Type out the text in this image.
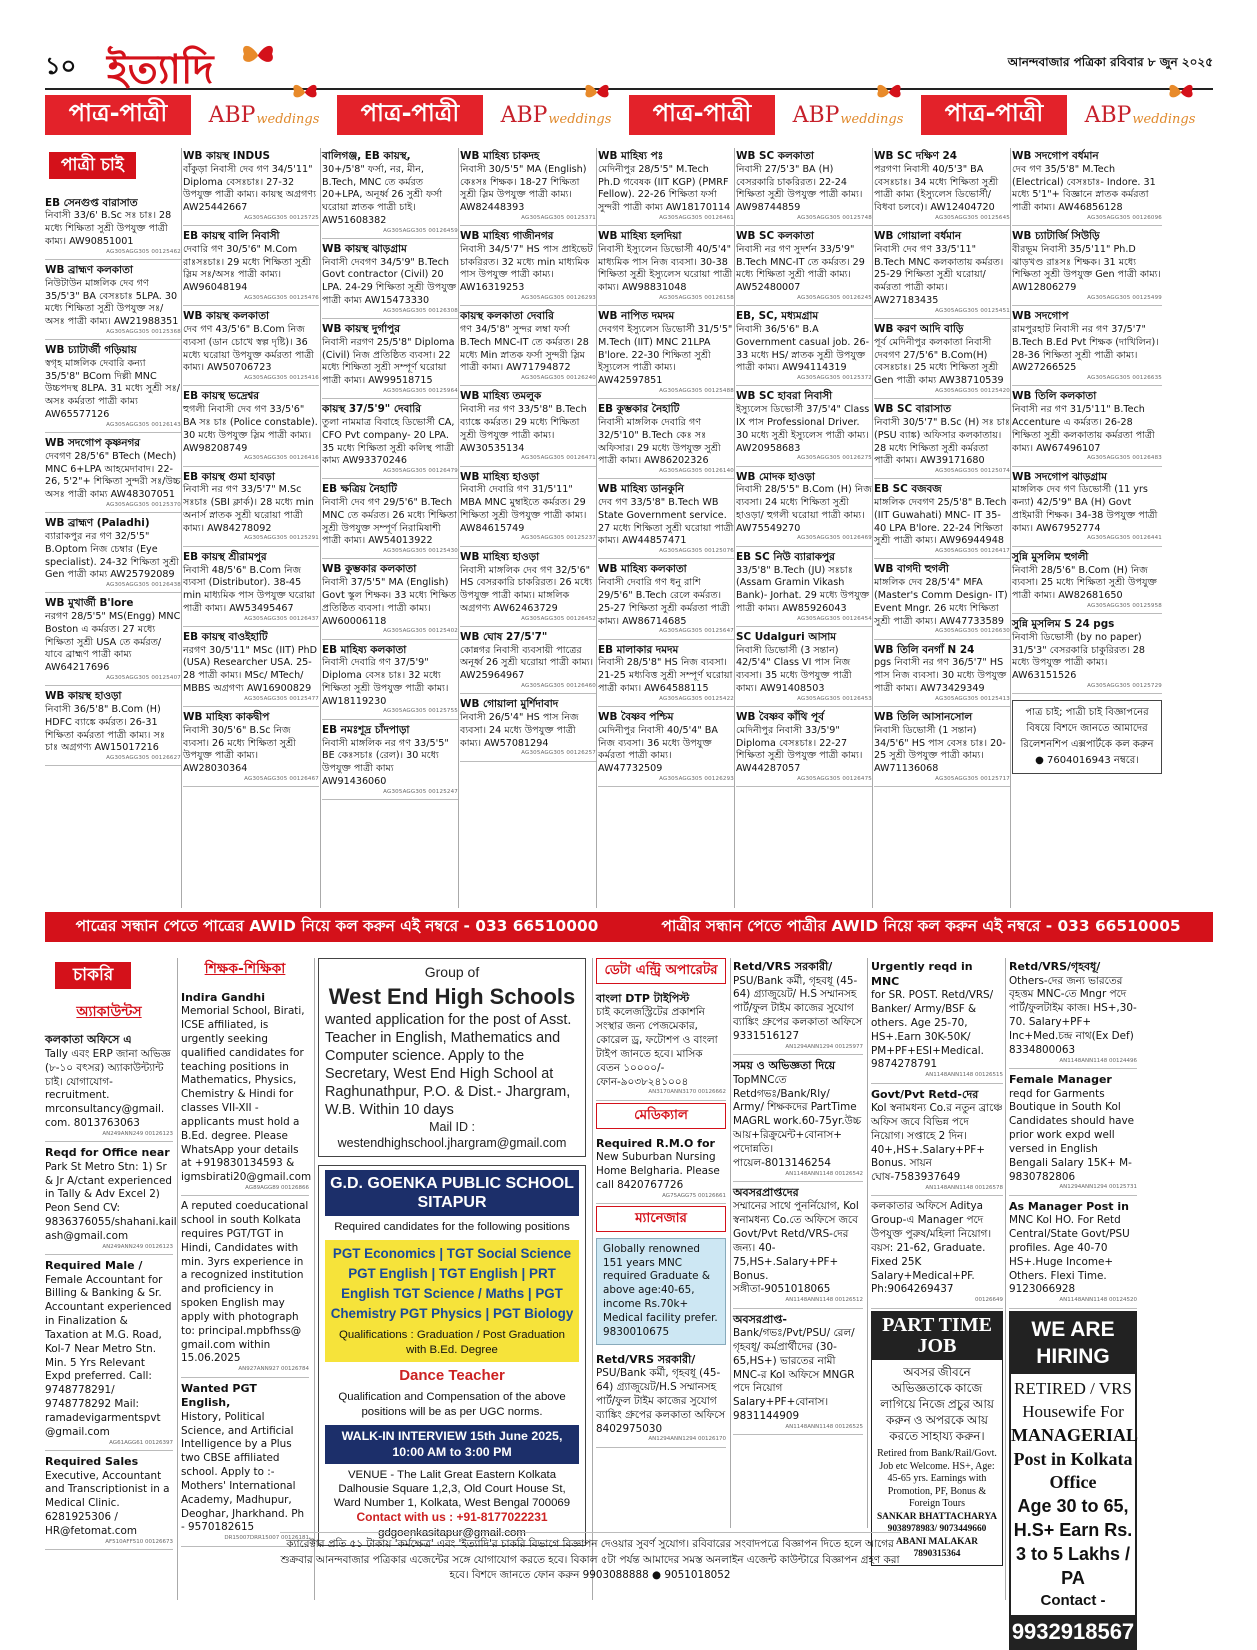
১০ ইত্যাদি	আনন্দবাজার পত্রিকা রবিবার ৮ জুন ২০২৫
পাত্র-পাত্রী	ABP weddings	পাত্র-পাত্রী	ABP weddings	পাত্র-পাত্রী	ABP weddings	পাত্র-পাত্রী	ABP weddings
পাত্রী চাই
EB সেনগুপ্ত বারাসাত
নিবাসী 33/6' B.Sc সঃ চাঃ। 28 মধ্যে শিক্ষিতা সুশ্রী উপযুক্ত পাত্রী কাম্য। AW90851001
AG305AGG305 00125462
WB ব্রাহ্মণ কলকাতা
নিউটাউন মাঙ্গলিক দেব গণ 35/5'3" BA বেসঃচাঃ 5LPA. 30 মধ্যে শিক্ষিতা সুশ্রী উপযুক্ত সঃ/অসঃ পাত্রী কাম্য। AW21988351
AG305AGG305 00125368
WB চ্যাটার্জী গড়িয়ায়
স্বগৃহ মাঙ্গলিক দেবারি কন্যা 35/5'8" BCom দিল্লী MNC উচ্চপদস্থ 8LPA. 31 মধ্যে সুশ্রী সঃ/অসঃ কর্মরতা পাত্রী কাম্য AW65577126
AG305AGG305 00126143
WB সদগোপ কৃষ্ণনগর
দেবগণ 28/5'6" BTech (Mech) MNC 6+LPA আহমেদাবাদ। 22-26, 5'2"+ শিক্ষিতা সুন্দরী সঃ/উচ্চ অসঃ পাত্রী কাম্য AW48307051
AG305AGG305 00125370
WB ব্রাহ্মণ (Paladhi)
ব্যারাকপুর নর গণ 32/5'5" B.Optom নিজ চেম্বার (Eye specialist). 24-32 শিক্ষিতা সুশ্রী Gen পাত্রী কাম্য AW25792089
AG305AGG305 00126438
WB মুখার্জী B'lore
নরগণ 28/5'5" MS(Engg) MNC Boston এ কর্মরত। 27 মধ্যে শিক্ষিতা সুশ্রী USA তে কর্মরত/ যাবে ব্রাহ্মণ পাত্রী কাম্য AW64217696
AG305AGG305 00125407
WB কায়স্থ হাওড়া
নিবাসী 36/5'8" B.Com (H) HDFC ব্যাঙ্কে কর্মরত। 26-31 শিক্ষিতা কর্মরতা পাত্রী কাম্য। সঃ চাঃ অগ্রগণ্য AW15017216
AG305AGG305 00126627
WB কায়স্থ INDUS
বাঁকুড়া নিবাসী দেব গণ 34/5'11" Diploma বেসঃচাঃ। 27-32 উপযুক্ত পাত্রী কাম্য। কায়স্থ অগ্রগণ্য AW25442667
AG305AGG305 00125725
EB কায়স্থ বালি নিবাসী
দেবারি গণ 30/5'6" M.Com রাঃসঃচাঃ। 29 মধ্যে শিক্ষিতা সুশ্রী স্লিম সঃ/অসঃ পাত্রী কাম্য। AW96048194
AG305AGG305 00125476
WB কায়স্থ কলকাতা
দেব গণ 43/5'6" B.Com নিজ ব্যবসা (ডান চোখে স্বল্প দৃষ্টি)। 36 মধ্যে ঘরোয়া উপযুক্ত কর্মরতা পাত্রী কাম্য। AW50706723
AG305AGG305 00125416
EB কায়স্থ ভদ্রেশ্বর
হুগলী নিবাসী দেব গণ 33/5'6" BA সঃ চাঃ (Police constable). 30 মধ্যে উপযুক্ত স্লিম পাত্রী কাম্য। AW98208749
AG305AGG305 00126416
EB কায়স্থ গুমা হাবড়া
নিবাসী নর গণ 33/5'7" M.Sc সঃচাঃ (SBI ক্লার্ক)। 28 মধ্যে min অনার্স স্নাতক সুশ্রী ঘরোয়া পাত্রী কাম্য। AW84278092
AG305AGG305 00125291
EB কায়স্থ শ্রীরামপুর
নিবাসী 48/5'6" B.Com নিজ ব্যবসা (Distributor). 38-45 min মাধ্যমিক পাস উপযুক্ত ঘরোয়া পাত্রী কাম্য। AW53495467
AG305AGG305 00126437
EB কায়স্থ বাওইহাটি
নরগণ 30/5'11" MSc (IIT) PhD (USA) Researcher USA. 25-28 পাত্রী কাম্য। MSc/ MTech/ MBBS অগ্রগণ্য AW16900829
AG305AGG305 00125477
WB মাহিষ্য কাকদ্বীপ
নিবাসী 30/5'6" B.Sc নিজ ব্যবসা। 26 মধ্যে শিক্ষিতা সুশ্রী উপযুক্ত পাত্রী কাম্য। AW28030364
AG305AGG305 00126467
বালিগঞ্জ, EB কায়স্থ,
30+/5'8" ফর্সা, নর, মীন, B.Tech, MNC তে কর্মরত 20+LPA, অনূর্ধ্ব 26 সুশ্রী ফর্সা ঘরোয়া স্নাতক পাত্রী চাই। AW51608382
AG305AGG305 00126459
WB কায়স্থ ঝাড়গ্রাম
নিবাসী দেবগণ 34/5'9" B.Tech Govt contractor (Civil) 20 LPA. 24-29 শিক্ষিতা সুশ্রী উপযুক্ত পাত্রী কাম্য AW15473330
AG305AGG305 00126308
WB কায়স্থ দুর্গাপুর
নিবাসী নরগণ 25/5'8" Diploma (Civil) নিজ প্রতিষ্ঠিত ব্যবসা। 22 মধ্যে শিক্ষিতা সুশ্রী সম্পূর্ণ ঘরোয়া পাত্রী কাম্য। AW99518715
AG305AGG305 00125964
কায়স্থ 37/5'9" দেবারি
তুলা নামমাত্র বিবাহে ডিভোর্সী CA, CFO Pvt company- 20 LPA. 35 মধ্যে শিক্ষিতা সুশ্রী কলিস্থ পাত্রী কাম্য AW93370246
AG305AGG305 00126479
EB ক্ষত্রিয় নৈহাটি
নিবাসী দেব গণ 29/5'6" B.Tech MNC তে কর্মরত। 26 মধ্যে শিক্ষিতা সুশ্রী উপযুক্ত সম্পূর্ণ নিরামিষাশী পাত্রী কাম্য। AW54013922
AG305AGG305 00125430
WB কুম্ভকার কলকাতা
নিবাসী 37/5'5" MA (English) Govt স্কুল শিক্ষক। 33 মধ্যে শিক্ষিত প্রতিষ্ঠিত ব্যবসা। পাত্রী কাম্য। AW60006118
AG305AGG305 00125402
EB মাহিষ্য কলকাতা
নিবাসী দেবারি গণ 37/5'9" Diploma বেসঃ চাঃ। 32 মধ্যে শিক্ষিতা সুশ্রী উপযুক্ত পাত্রী কাম্য। AW18119230
AG305AGG305 00125755
EB নমঃশূদ্র চাঁদপাড়া
নিবাসী মাঙ্গলিক নর গণ 33/5'5" BE কেঃসচাঃ (রেল)। 30 মধ্যে উপযুক্ত পাত্রী কাম্য AW91436060
AG305AGG305 00125247
WB মাহিষ্য চাকদহ
নিবাসী 30/5'5" MA (English) কেঃসঃ শিক্ষক। 18-27 শিক্ষিতা সুশ্রী স্লিম উপযুক্ত পাত্রী কাম্য। AW82448393
AG305AGG305 00125371
WB মাহিষ্য গাজীনগর
নিবাসী 34/5'7" HS পাস প্রাইভেট চাকরিরত। 32 মধ্যে min মাধ্যমিক পাস উপযুক্ত পাত্রী কাম্য। AW16319253
AG305AGG305 00126293
কায়স্থ কলকাতা দেবারি
গণ 34/5'8" সুন্দর লম্বা ফর্সা B.Tech MNC-IT তে কর্মরত। 28 মধ্যে Min স্নাতক ফর্সা সুন্দরী স্লিম পাত্রী কাম্য। AW71794872
AG305AGG305 00126240
WB মাহিষ্য তমলুক
নিবাসী নর গণ 33/5'8" B.Tech ব্যাঙ্কে কর্মরত। 29 মধ্যে শিক্ষিতা সুশ্রী উপযুক্ত পাত্রী কাম্য। AW30535134
AG305AGG305 00126471
WB মাহিষ্য হাওড়া
নিবাসী দেবারি গণ 31/5'11" MBA MNC মুম্বাইতে কর্মরত। 29 শিক্ষিতা সুশ্রী উপযুক্ত পাত্রী কাম্য। AW84615749
AG305AGG305 00125237
WB মাহিষ্য হাওড়া
নিবাসী মাঙ্গলিক দেব গণ 32/5'6" HS বেসরকারি চাকরিরত। 26 মধ্যে উপযুক্ত পাত্রী কাম্য। মাঙ্গলিক অগ্রগণ্য AW62463729
AG305AGG305 00126452
WB ঘোষ 27/5'7"
কোন্নগর নিবাসী ব্যবসায়ী পাত্রের অনূর্ধ্ব 26 সুশ্রী ঘরোয়া পাত্রী কাম্য। AW25964967
AG305AGG305 00126460
WB গোয়ালা মুর্শিদাবাদ
নিবাসী 26/5'4" HS পাস নিজ ব্যবসা। 24 মধ্যে উপযুক্ত পাত্রী কাম্য। AW57081294
AG305AGG305 00126257
WB মাহিষ্য পঃ
মেদিনীপুর 28/5'5" M.Tech Ph.D গবেষক (IIT KGP) (PMRF Fellow). 22-26 শিক্ষিতা ফর্সা সুন্দরী পাত্রী কাম্য AW18170114
AG305AGG305 00126461
WB মাহিষ্য হলদিয়া
নিবাসী ইস্যুলেন ডিভোর্সী 40/5'4" মাধ্যমিক পাস নিজ ব্যবসা। 30-38 শিক্ষিতা সুশ্রী ইস্যুলেস ঘরোয়া পাত্রী কাম্য। AW98831048
AG305AGG305 00126158
WB নাপিত দমদম
দেবগণ ইস্যুলেস ডিভোর্সী 31/5'5" M.Tech (IIT) MNC 21LPA B'lore. 22-30 শিক্ষিতা সুশ্রী ইস্যুলেস পাত্রী কাম্য। AW42597851
AG305AGG305 00125488
EB কুম্ভকার নৈহাটি
নিবাসী মাঙ্গলিক দেবারি গণ 32/5'10" B.Tech কেঃ সঃ অফিসার। 29 মধ্যে উপযুক্ত সুশ্রী পাত্রী কাম্য। AW86202326
AG305AGG305 00126140
WB মাহিষ্য ডানকুনি
দেব গণ 33/5'8" B.Tech WB State Government service. 27 মধ্যে শিক্ষিতা সুশ্রী ঘরোয়া পাত্রী কাম্য। AW44857471
AG305AGG305 00125076
WB মাহিষ্য কলকাতা
নিবাসী দেবারি গণ ধনু রাশি 29/5'6" B.Tech রেলে কর্মরত। 25-27 শিক্ষিতা সুশ্রী কর্মরতা পাত্রী কাম্য। AW86714685
AG305AGG305 00125647
EB মালাকার দমদম
নিবাসী 28/5'8" HS নিজ ব্যবসা। 21-25 মধ্যবিত্ত সুশ্রী সম্পূর্ণ ঘরোয়া পাত্রী কাম্য। AW64588115
AG305AGG305 00125422
WB বৈষ্ণব পশ্চিম
মেদিনীপুর নিবাসী 40/5'4" BA নিজ ব্যবসা। 36 মধ্যে উপযুক্ত কর্মরতা পাত্রী কাম্য। AW47732509
AG305AGG305 00126293
WB SC কলকাতা
নিবাসী 27/5'3" BA (H) বেসরকারি চাকরিরত। 22-24 শিক্ষিতা সুশ্রী উপযুক্ত পাত্রী কাম্য। AW98744859
AG305AGG305 00125748
WB SC কলকাতা
নিবাসী নর গণ সুদর্শন 33/5'9" B.Tech MNC-IT তে কর্মরত। 29 মধ্যে শিক্ষিতা সুশ্রী পাত্রী কাম্য। AW52480007
AG305AGG305 00126245
EB, SC, মধ্যমগ্রাম
নিবাসী 36/5'6" B.A Government casual job. 26-33 মধ্যে HS/ স্নাতক সুশ্রী উপযুক্ত পাত্রী কাম্য। AW94114319
AG305AGG305 00125372
WB SC হাবরা নিবাসী
ইস্যুলেস ডিভোর্সী 37/5'4" Class IX পাস Professional Driver. 30 মধ্যে সুশ্রী ইস্যুলেস পাত্রী কাম্য। AW20958683
AG305AGG305 00126275
WB মোদক হাওড়া
নিবাসী 28/5'5" B.Com (H) নিজ ব্যবসা। 24 মধ্যে শিক্ষিতা সুশ্রী হাওড়া/ হুগলী ঘরোয়া পাত্রী কাম্য। AW75549270
AG305AGG305 00126469
EB SC নিউ ব্যারাকপুর
33/5'8" B.Tech (JU) সঃচাঃ (Assam Gramin Vikash Bank)- Jorhat. 29 মধ্যে উপযুক্ত পাত্রী কাম্য। AW85926043
AG305AGG305 00126454
SC Udalguri আসাম
নিবাসী ডিভোর্সী (3 সন্তান) 42/5'4" Class VI পাস নিজ ব্যবসা। 35 মধ্যে উপযুক্ত পাত্রী কাম্য। AW91408503
AG305AGG305 00126453
WB বৈষ্ণব কাঁথি পূর্ব
মেদিনীপুর নিবাসী 33/5'9" Diploma বেসঃচাঃ। 22-27 শিক্ষিতা সুশ্রী উপযুক্ত পাত্রী কাম্য। AW44287057
AG305AGG305 00126475
WB SC দক্ষিণ 24
পরগণা নিবাসী 40/5'3" BA বেসঃচাঃ। 34 মধ্যে শিক্ষিতা সুশ্রী পাত্রী কাম্য (ইস্যুলেস ডিভোর্সী/ বিধবা চলবে)। AW12404720
AG305AGG305 00125645
WB গোয়ালা বর্ধমান
নিবাসী দেব গণ 33/5'11" B.Tech MNC কলকাতায় কর্মরত। 25-29 শিক্ষিতা সুশ্রী ঘরোয়া/ কর্মরতা পাত্রী কাম্য। AW27183435
AG305AGG305 00125451
WB করণ আদি বাড়ি
পূর্ব মেদিনীপুর কলকাতা নিবাসী দেবগণ 27/5'6" B.Com(H) বেসঃচাঃ। 25 মধ্যে শিক্ষিতা সুশ্রী Gen পাত্রী কাম্য AW38710539
AG305AGG305 00125420
WB SC বারাসাত
নিবাসী 30/5'7" B.Sc (H) সঃ চাঃ (PSU ব্যাঙ্ক) অফিসার কলকাতায়। 28 মধ্যে শিক্ষিতা সুশ্রী কর্মরতা পাত্রী কাম্য। AW39171680
AG305AGG305 00125074
EB SC বজবজ
মাঙ্গলিক দেবগণ 25/5'8" B.Tech (IIT Guwahati) MNC- IT 35-40 LPA B'lore. 22-24 শিক্ষিতা সুশ্রী পাত্রী কাম্য। AW96944948
AG305AGG305 00126417
WB বাগদী হুগলী
মাঙ্গলিক দেব 28/5'4" MFA (Master's Comm Design- IT) Event Mngr. 26 মধ্যে শিক্ষিতা সুশ্রী পাত্রী কাম্য। AW47733589
AG305AGG305 00126630
WB তিলি বনগাঁ N 24
pgs নিবাসী নর গণ 36/5'7" HS পাস নিজ ব্যবসা। 30 মধ্যে উপযুক্ত পাত্রী কাম্য। AW73429349
AG305AGG305 00125413
WB তিলি আসানসোল
নিবাসী ডিভোর্সী (1 সন্তান) 34/5'6" HS পাস বেসঃ চাঃ। 20-25 সুশ্রী উপযুক্ত পাত্রী কাম্য। AW71136068
AG305AGG305 00125717
WB সদগোপ বর্ধমান
দেব গণ 35/5'8" M.Tech (Electrical) বেসঃচাঃ- Indore. 31 মধ্যে 5'1"+ বিজ্ঞানে স্নাতক কর্মরতা পাত্রী কাম্য। AW46856128
AG305AGG305 00126096
WB চ্যাটার্জি সিউড়ি
বীরভূম নিবাসী 35/5'11" Ph.D ঝাড়খণ্ড রাঃসঃ শিক্ষক। 31 মধ্যে শিক্ষিতা সুশ্রী উপযুক্ত Gen পাত্রী কাম্য। AW12806279
AG305AGG305 00125499
WB সদগোপ
রামপুরহাট নিবাসী নর গণ 37/5'7" B.Tech B.Ed Pvt শিক্ষক (দাখিলিন)। 28-36 শিক্ষিতা সুশ্রী পাত্রী কাম্য। AW27266525
AG305AGG305 00126635
WB তিলি কলকাতা
নিবাসী নর গণ 31/5'11" B.Tech Accenture এ কর্মরত। 26-28 শিক্ষিতা সুশ্রী কলকাতায় কর্মরতা পাত্রী কাম্য। AW67496107
AG305AGG305 00126483
WB সদগোপ ঝাড়গ্রাম
মাঙ্গলিক দেব গণ ডিভোর্সী (11 yrs কন্যা) 42/5'9" BA (H) Govt প্রাইমারী শিক্ষক। 34-38 উপযুক্ত পাত্রী কাম্য। AW67952774
AG305AGG305 00126441
সুন্নি মুসলিম হুগলী
নিবাসী 28/5'6" B.Com (H) নিজ ব্যবসা। 25 মধ্যে শিক্ষিতা সুশ্রী উপযুক্ত পাত্রী কাম্য। AW82681650
AG305AGG305 00125958
সুন্নি মুসলিম S 24 pgs
নিবাসী ডিভোর্সী (by no paper) 31/5'3" বেসরকারি চাকুরিরত। 28 মধ্যে উপযুক্ত পাত্রী কাম্য। AW63151526
AG305AGG305 00125729
পাত্র চাই; পাত্রী চাই বিজ্ঞাপনের বিষয়ে বিশদে জানতে আমাদের রিলেশনশিপ এক্সপার্টকে কল করুন ● 7604016943 নম্বরে।
পাত্রের সন্ধান পেতে পাত্রের AWID নিয়ে কল করুন এই নম্বরে - 033 66510000	পাত্রীর সন্ধান পেতে পাত্রীর AWID নিয়ে কল করুন এই নম্বরে - 033 66510005
চাকরি
অ্যাকাউন্টস
কলকাতা অফিসে এ
Tally এবং ERP জানা অভিজ্ঞ (৮-১০ বৎসর) অ্যাকাউন্ট্যান্ট চাই। যোগাযোগ-recruitment. mrconsultancy@gmail. com. 8013763063
AN249ANN249 00126123
Reqd for Office near
Park St Metro Stn: 1) Sr & Jr A/ctant experienced in Tally & Adv Excel 2) Peon Send CV: 9836376055/shahani.kail ash@gmail.com
AN249ANN249 00126123
Required Male /
Female Accountant for Billing & Banking & Sr. Accountant experienced in Finalization & Taxation at M.G. Road, Kol-7 Near Metro Stn. Min. 5 Yrs Relevant Expd preferred. Call: 9748778291/ 9748778292 Mail: ramadevigarmentspvt @gmail.com
AG61AGG61 00126397
Required Sales
Executive, Accountant and Transcriptionist in a Medical Clinic. 6281925306 / HR@fetomat.com
AF510AFF510 00126673
শিক্ষক-শিক্ষিকা
Indira Gandhi
Memorial School, Birati, ICSE affiliated, is urgently seeking qualified candidates for teaching positions in Mathematics, Physics, Chemistry & Hindi for classes VII-XII - applicants must hold a B.Ed. degree. Please WhatsApp your details at +919830134593 & igmsbirati20@gmail.com
AG89AGG89 00126866
A reputed coeducational school in south Kolkata requires PGT/TGT in Hindi, Candidates with min. 3yrs experience in a recognized institution and proficiency in spoken English may apply with photograph to: principal.mpbfhss@ gmail.com within 15.06.2025
AN927ANN927 00126784
Wanted PGT English,
History, Political Science, and Artificial Intelligence by a Plus two CBSE affiliated school. Apply to :- Mothers' International Academy, Madhupur, Deoghar, Jharkhand. Ph - 9570182615
DR15007DRR15007 00126181
Group of
West End High Schools
wanted application for the post of Asst. Teacher in English, Mathematics and Computer science. Apply to the Secretary, West End High School at Raghunathpur, P.O. & Dist.- Jhargram, W.B. Within 10 days
Mail ID : westendhighschool.jhargram@gmail.com
G.D. GOENKA PUBLIC SCHOOL SITAPUR
Required candidates for the following positions
PGT Economics | TGT Social Science PGT English | TGT English | PRT English TGT Science / Maths | PGT Chemistry PGT Physics | PGT Biology
Qualifications : Graduation / Post Graduation with B.Ed. Degree
Dance Teacher
Qualification and Compensation of the above positions will be as per UGC norms.
WALK-IN INTERVIEW 15th June 2025, 10:00 AM to 3:00 PM
VENUE - The Lalit Great Eastern Kolkata Dalhousie Square 1,2,3, Old Court House St, Ward Number 1, Kolkata, West Bengal 700069
Contact with us : +91-8177022231
gdgoenkasitapur@gmail.com
ডেটা এন্ট্রি অপারেটর
বাংলা DTP টাইপিস্ট
চাই কলেজস্ট্রিটের প্রকাশনি সংস্থার জন্য পেজমেকার, কোরেল ড্র, ফটোশপ ও বাংলা টাইপ জানতে হবে। মাসিক বেতন ১০০০০/- ফোন-৯০৩৮২৪১০০৪
AN3170ANN3170 00126662
মেডিক্যাল
Required R.M.O for
New Suburban Nursing Home Belgharia. Please call 8420767726
AG75AGG75 00126661
ম্যানেজার
Globally renowned 151 years MNC required Graduate & above age:40-65, income Rs.70k+ Medical facility prefer. 9830010675
Retd/VRS সরকারী/
PSU/Bank কর্মী, গৃহবধূ (45-64) গ্র্যাজুয়েট/H.S সম্মানসহ পার্ট/ফুল টাইম কাজের সুযোগ ব্যাঙ্কিং গ্রুপের কলকাতা অফিসে 8402975030
AN1294ANN1294 00126170
Retd/VRS সরকারী/
PSU/Bank কর্মী, গৃহবধূ (45-64) গ্র্যাজুয়েট/ H.S সম্মানসহ পার্ট/ফুল টাইম কাজের সুযোগ ব্যাঙ্কিং গ্রুপের কলকাতা অফিসে 9331516127
AN1294ANN1294 00125977
সময় ও অভিজ্ঞতা দিয়ে
TopMNCতে Retdগভঃ/Bank/Rly/ Army/ শিক্ষকদের PartTime MAGRL work.60-75yr.উচ্চ আয়+রিক্রুমেন্ট+বোনাস+ পদোন্নতি। পায়েল-8013146254
AN1148ANN1148 00126542
অবসরপ্রাপ্তদের
সম্মানের সাথে পুনর্নিয়োগ, Kol স্বনামধন্য Co.তে অফিসে জবে Govt/Pvt Retd/VRS-দের জন্য। 40-75,HS+.Salary+PF+ Bonus. সঙ্গীতা-9051018065
AN1148ANN1148 00126512
অবসরপ্রাপ্ত-
Bank/গভঃ/Pvt/PSU/ রেল/গৃহবধূ/ কর্মপ্রার্থীদের (30-65,HS+) ভারতের নামী MNC-র Kol অফিসে MNGR পদে নিয়োগ Salary+PF+বোনাস। 9831144909
AN1148ANN1148 00126525
Urgently reqd in MNC
for SR. POST. Retd/VRS/ Banker/ Army/BSF & others. Age 25-70, HS+.Earn 30K-50K/ PM+PF+ESI+Medical. 9874278791
AN1148ANN1148 00126515
Govt/Pvt Retd-দের
Kol স্বনামধন্য Co.র নতুন ব্রাঞ্চে অফিস জবে বিভিন্ন পদে নিয়োগ। সপ্তাহে 2 দিন। 40+,HS+.Salary+PF+ Bonus. সায়ন ঘোষ-7583937649
AN1148ANN1148 00126578
কলকাতার অফিসে Aditya Group-এ Manager পদে উপযুক্ত পুরুষ/মহিলা নিয়োগ। বয়স: 21-62, Graduate. Fixed 25K Salary+Medical+PF. Ph:9064269437
00126649
PART TIME JOB
অবসর জীবনে অভিজ্ঞতাকে কাজে লাগিয়ে নিজে প্রচুর আয় করুন ও অপরকে আয় করতে সাহায্য করুন।
Retired from Bank/Rail/Govt. Job etc Welcome. HS+, Age: 45-65 yrs. Earnings with Promotion, PF, Bonus & Foreign Tours
SANKAR BHATTACHARYA 9038978983/ 9073449660 ABANI MALAKAR 7890315364
Retd/VRS/গৃহবধূ/
Others-দের জন্য ভারতের বৃহত্তম MNC-তে Mngr পদে পার্ট/ফুলটাইম কাজ। HS+,30-70. Salary+PF+ Inc+Med.চন্দ্র নাথ(Ex Def) 8334800063
AN1148ANN1148 00124496
Female Manager
reqd for Garments Boutique in South Kol Candidates should have prior work expd well versed in English Bengali Salary 15K+ M-9830782806
AN1294ANN1294 00125731
As Manager Post in
MNC Kol HO. For Retd Central/State Govt/PSU profiles. Age 40-70 HS+.Huge Income+ Others. Flexi Time. 9123066928
AN1148ANN1148 00124520
WE ARE HIRING
RETIRED / VRS Housewife For
MANAGERIAL Post in Kolkata Office
Age 30 to 65, H.S+ Earn Rs. 3 to 5 Lakhs / PA
Contact -
9932918567
ক্যারেক্টার প্রতি ৫১ টাকায় 'কর্মক্ষেত্র' এবং 'ইত্যাদি'র চাকরি বিভাগে বিজ্ঞাপন দেওয়ার সুবর্ণ সুযোগ। রবিবারের সংবাদপত্রে বিজ্ঞাপন দিতে হলে আগের শুক্রবার আনন্দবাজার পত্রিকার এজেন্টের সঙ্গে যোগাযোগ করতে হবে। বিকাল ৫টা পর্যন্ত আমাদের সমস্ত অনলাইন এজেন্ট কাউন্টারে বিজ্ঞাপন গ্রহণ করা হবে। বিশদে জানতে ফোন করুন 9903088888 ● 9051018052
